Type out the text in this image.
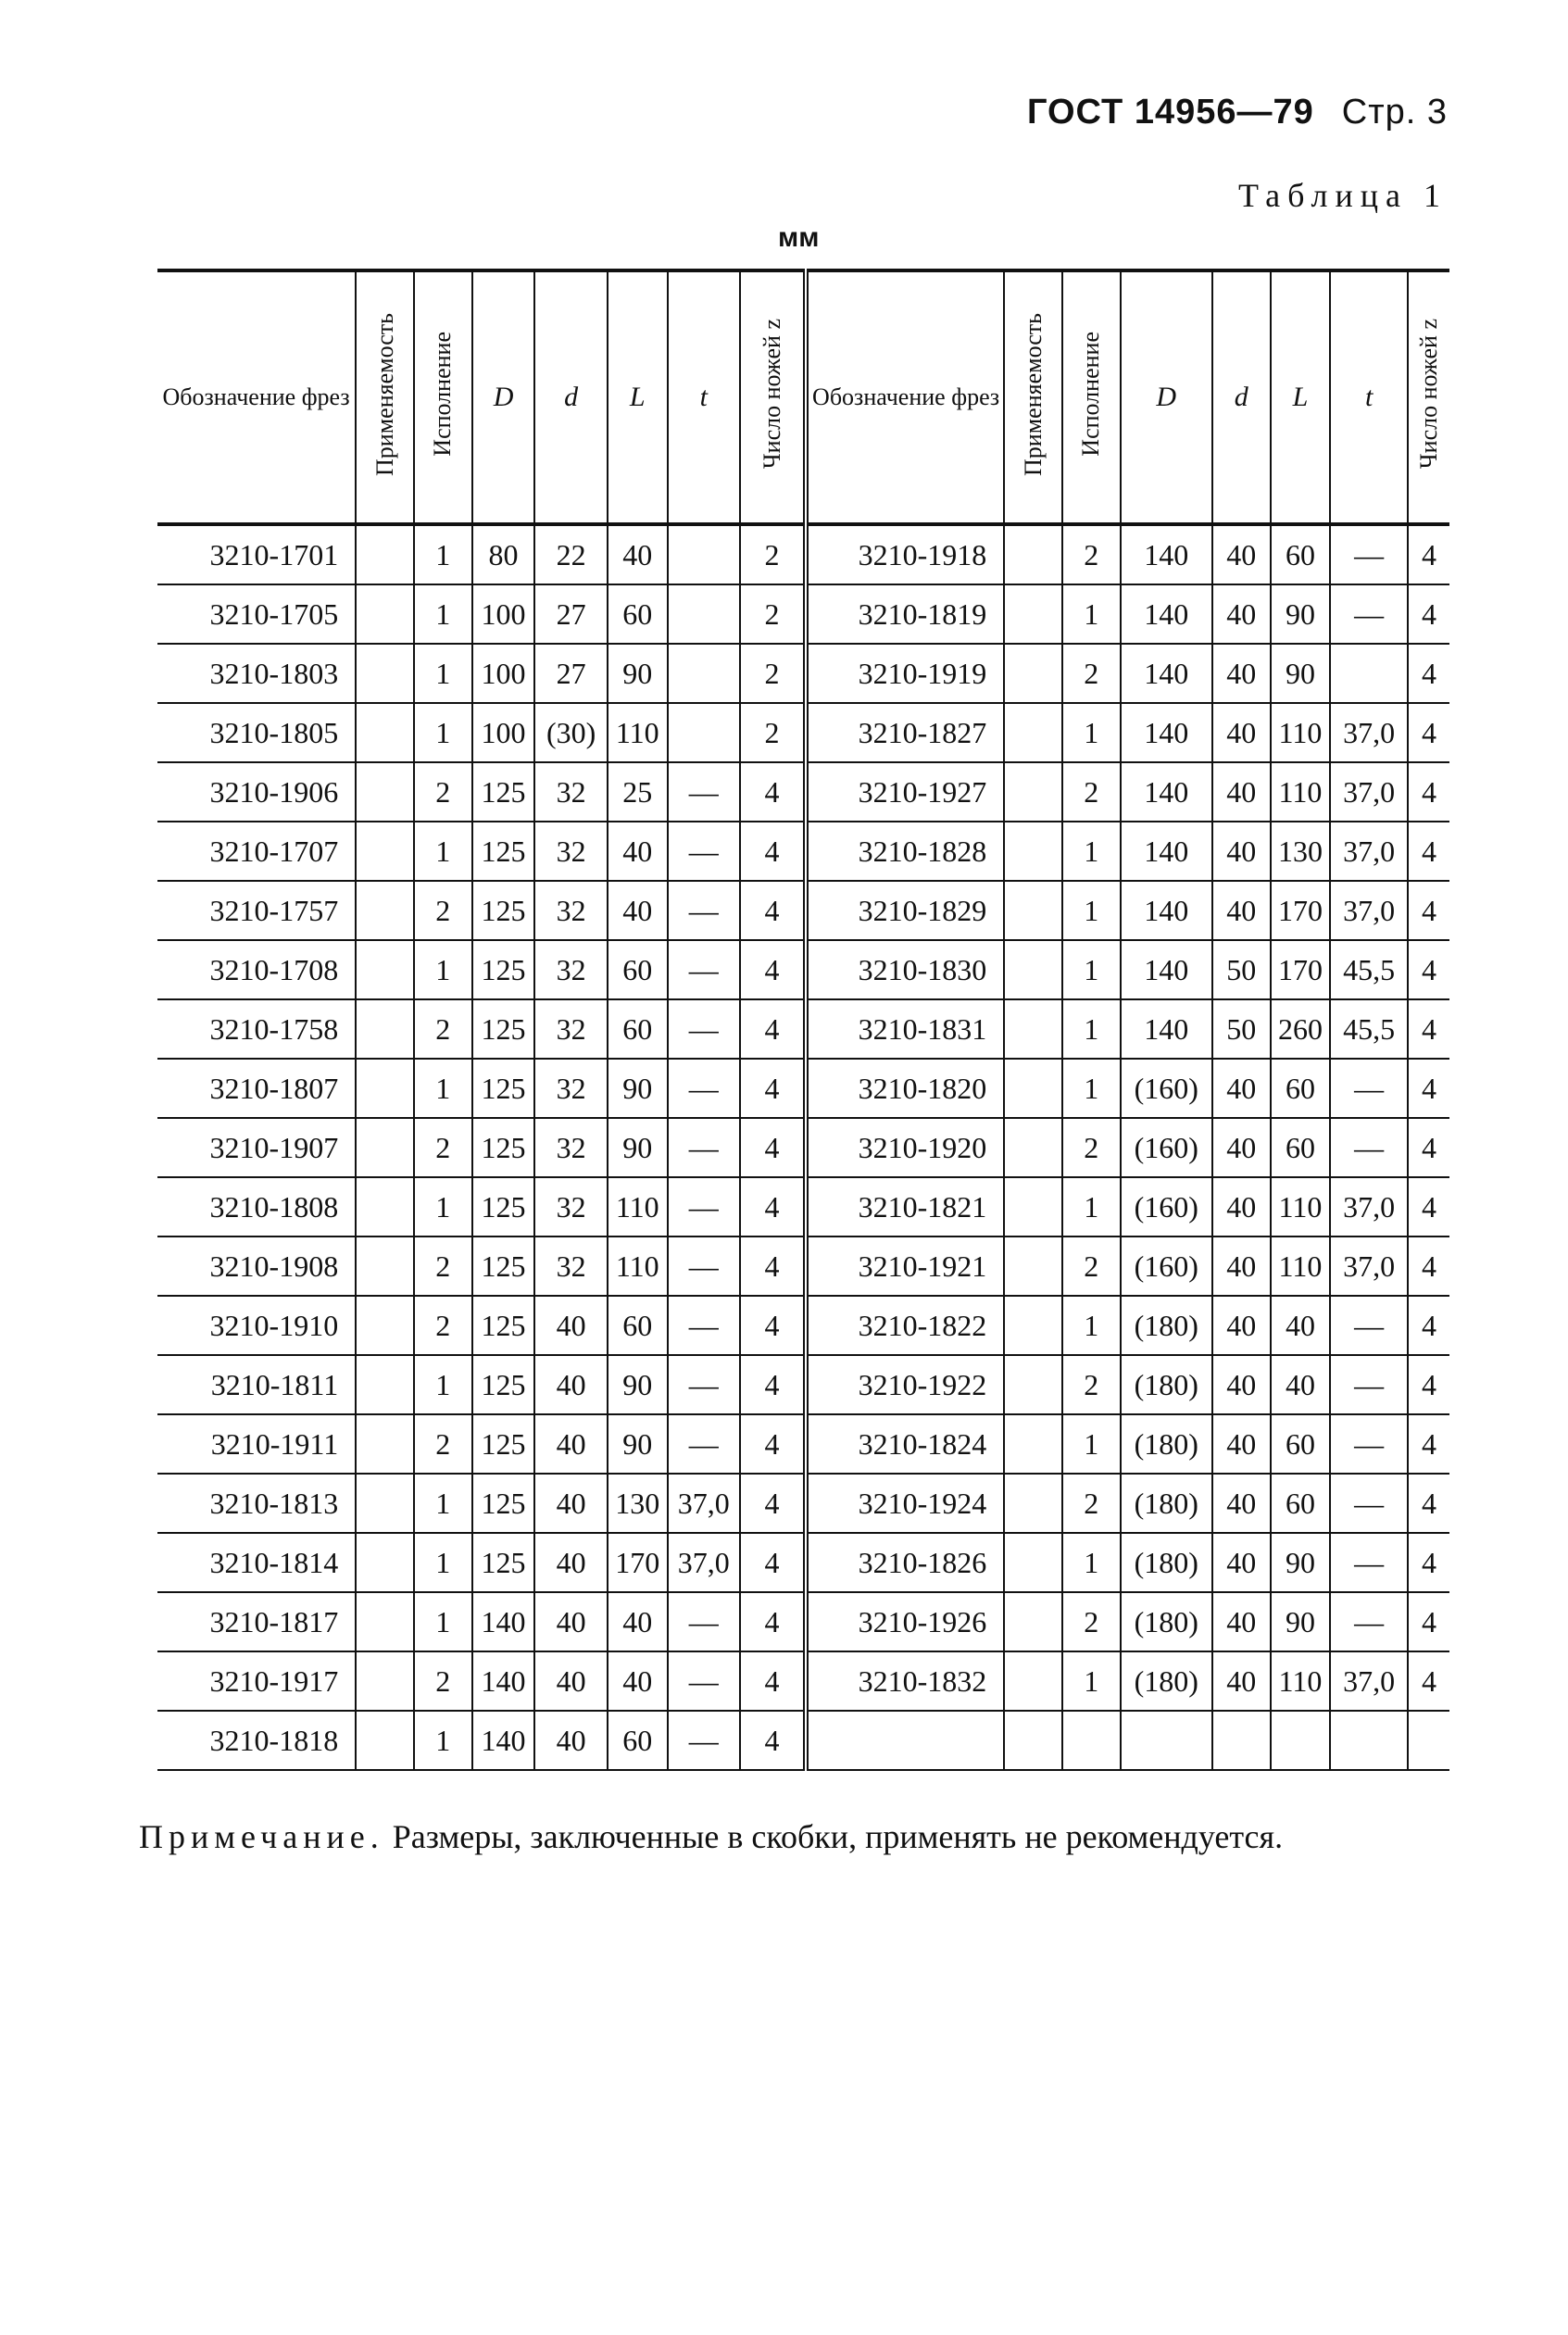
ГОСТ 14956—79 Стр. 3
Таблица 1
мм
Обозначение фрез	Применяемость	Исполнение	D	d	L	t	Число ножей z	Обозначение фрез	Применяемость	Исполнение	D	d	L	t	Число ножей z
3210-1701		1	80	22	40		2	3210-1918		2	140	40	60	—	4
3210-1705		1	100	27	60		2	3210-1819		1	140	40	90	—	4
3210-1803		1	100	27	90		2	3210-1919		2	140	40	90		4
3210-1805		1	100	(30)	110		2	3210-1827		1	140	40	110	37,0	4
3210-1906		2	125	32	25	—	4	3210-1927		2	140	40	110	37,0	4
3210-1707		1	125	32	40	—	4	3210-1828		1	140	40	130	37,0	4
3210-1757		2	125	32	40	—	4	3210-1829		1	140	40	170	37,0	4
3210-1708		1	125	32	60	—	4	3210-1830		1	140	50	170	45,5	4
3210-1758		2	125	32	60	—	4	3210-1831		1	140	50	260	45,5	4
3210-1807		1	125	32	90	—	4	3210-1820		1	(160)	40	60	—	4
3210-1907		2	125	32	90	—	4	3210-1920		2	(160)	40	60	—	4
3210-1808		1	125	32	110	—	4	3210-1821		1	(160)	40	110	37,0	4
3210-1908		2	125	32	110	—	4	3210-1921		2	(160)	40	110	37,0	4
3210-1910		2	125	40	60	—	4	3210-1822		1	(180)	40	40	—	4
3210-1811		1	125	40	90	—	4	3210-1922		2	(180)	40	40	—	4
3210-1911		2	125	40	90	—	4	3210-1824		1	(180)	40	60	—	4
3210-1813		1	125	40	130	37,0	4	3210-1924		2	(180)	40	60	—	4
3210-1814		1	125	40	170	37,0	4	3210-1826		1	(180)	40	90	—	4
3210-1817		1	140	40	40	—	4	3210-1926		2	(180)	40	90	—	4
3210-1917		2	140	40	40	—	4	3210-1832		1	(180)	40	110	37,0	4
3210-1818		1	140	40	60	—	4								
Примечание. Размеры, заключенные в скобки, применять не рекомендуется.
